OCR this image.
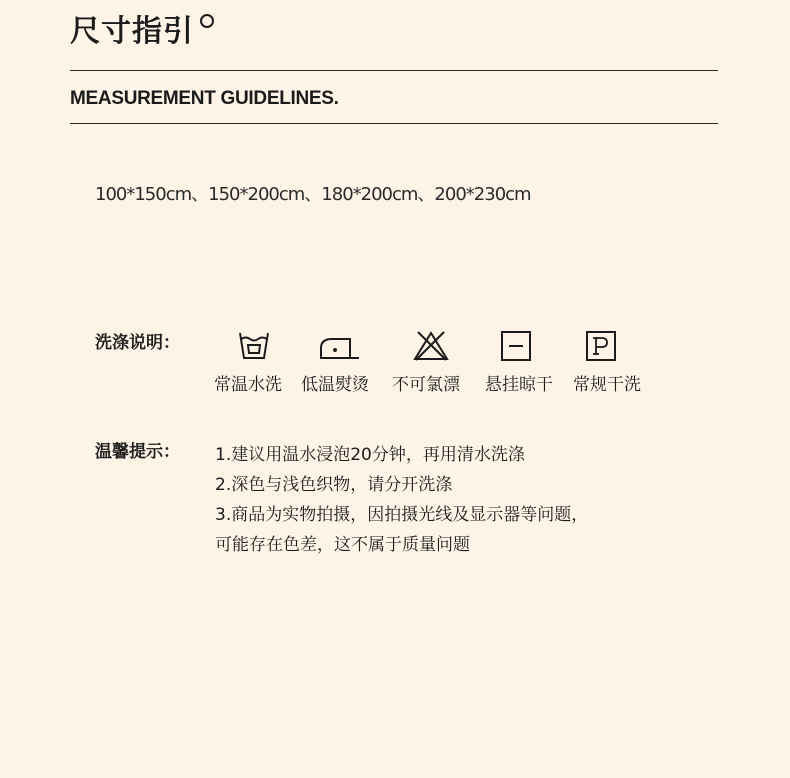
尺寸指引
MEASUREMENT GUIDELINES.
100*150cm、150*200cm、180*200cm、200*230cm
洗涤说明：
常温水洗 低温熨烫 不可氯漂 悬挂晾干 常规干洗
温馨提示： 1.建议用温水浸泡20分钟，再用清水洗涤
2.深色与浅色织物，请分开洗涤
3.商品为实物拍摄，因拍摄光线及显示器等问题，
可能存在色差，这不属于质量问题
